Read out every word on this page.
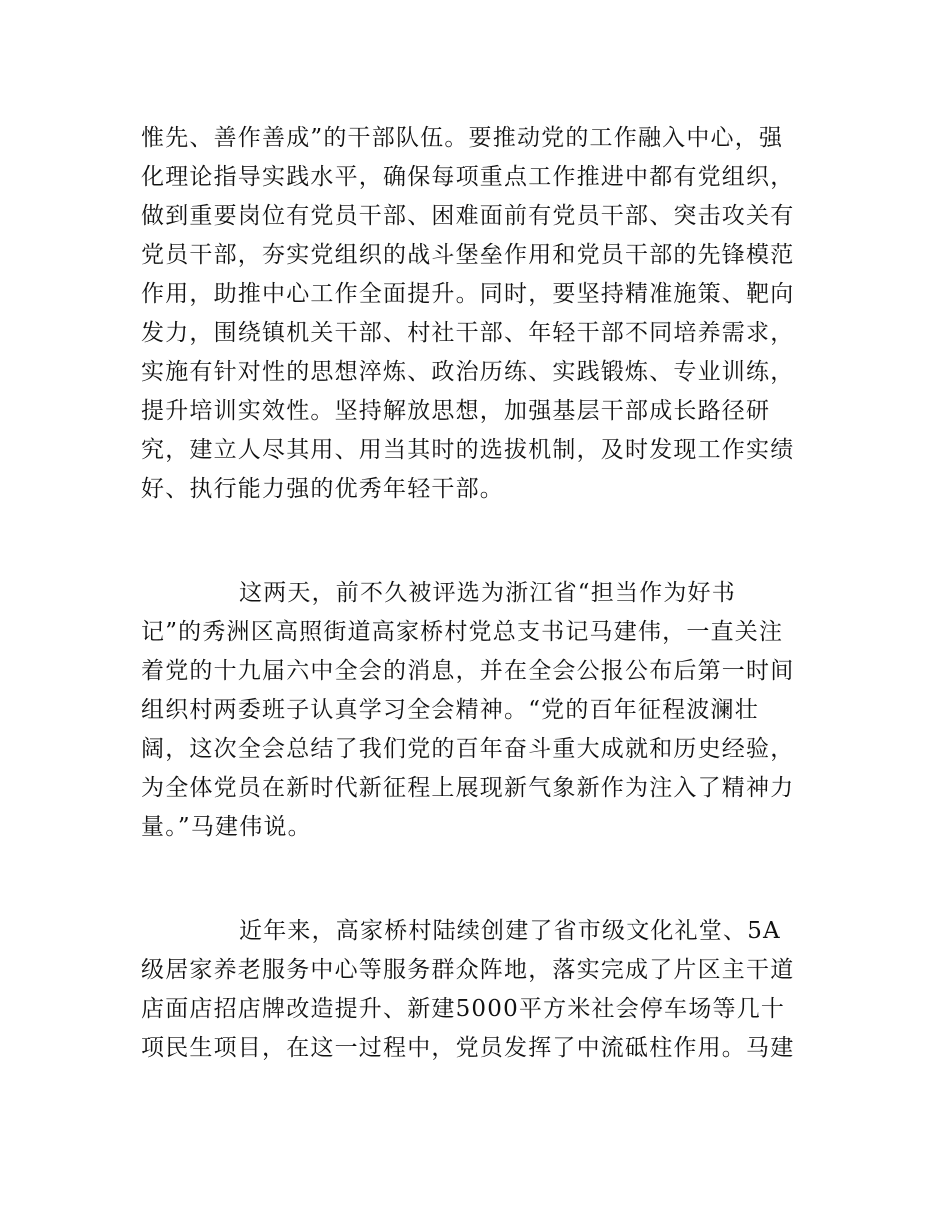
惟先、善作善成”的干部队伍。要推动党的工作融入中心，强
化理论指导实践水平，确保每项重点工作推进中都有党组织，
做到重要岗位有党员干部、困难面前有党员干部、突击攻关有
党员干部，夯实党组织的战斗堡垒作用和党员干部的先锋模范
作用，助推中心工作全面提升。同时，要坚持精准施策、靶向
发力，围绕镇机关干部、村社干部、年轻干部不同培养需求，
实施有针对性的思想淬炼、政治历练、实践锻炼、专业训练，
提升培训实效性。坚持解放思想，加强基层干部成长路径研
究，建立人尽其用、用当其时的选拔机制，及时发现工作实绩
好、执行能力强的优秀年轻干部。
这两天，前不久被评选为浙江省“担当作为好书
记”的秀洲区高照街道高家桥村党总支书记马建伟，一直关注
着党的十九届六中全会的消息，并在全会公报公布后第一时间
组织村两委班子认真学习全会精神。“党的百年征程波澜壮
阔，这次全会总结了我们党的百年奋斗重大成就和历史经验，
为全体党员在新时代新征程上展现新气象新作为注入了精神力
量。”马建伟说。
近年来，高家桥村陆续创建了省市级文化礼堂、5A
级居家养老服务中心等服务群众阵地，落实完成了片区主干道
店面店招店牌改造提升、新建5000平方米社会停车场等几十
项民生项目，在这一过程中，党员发挥了中流砥柱作用。马建
